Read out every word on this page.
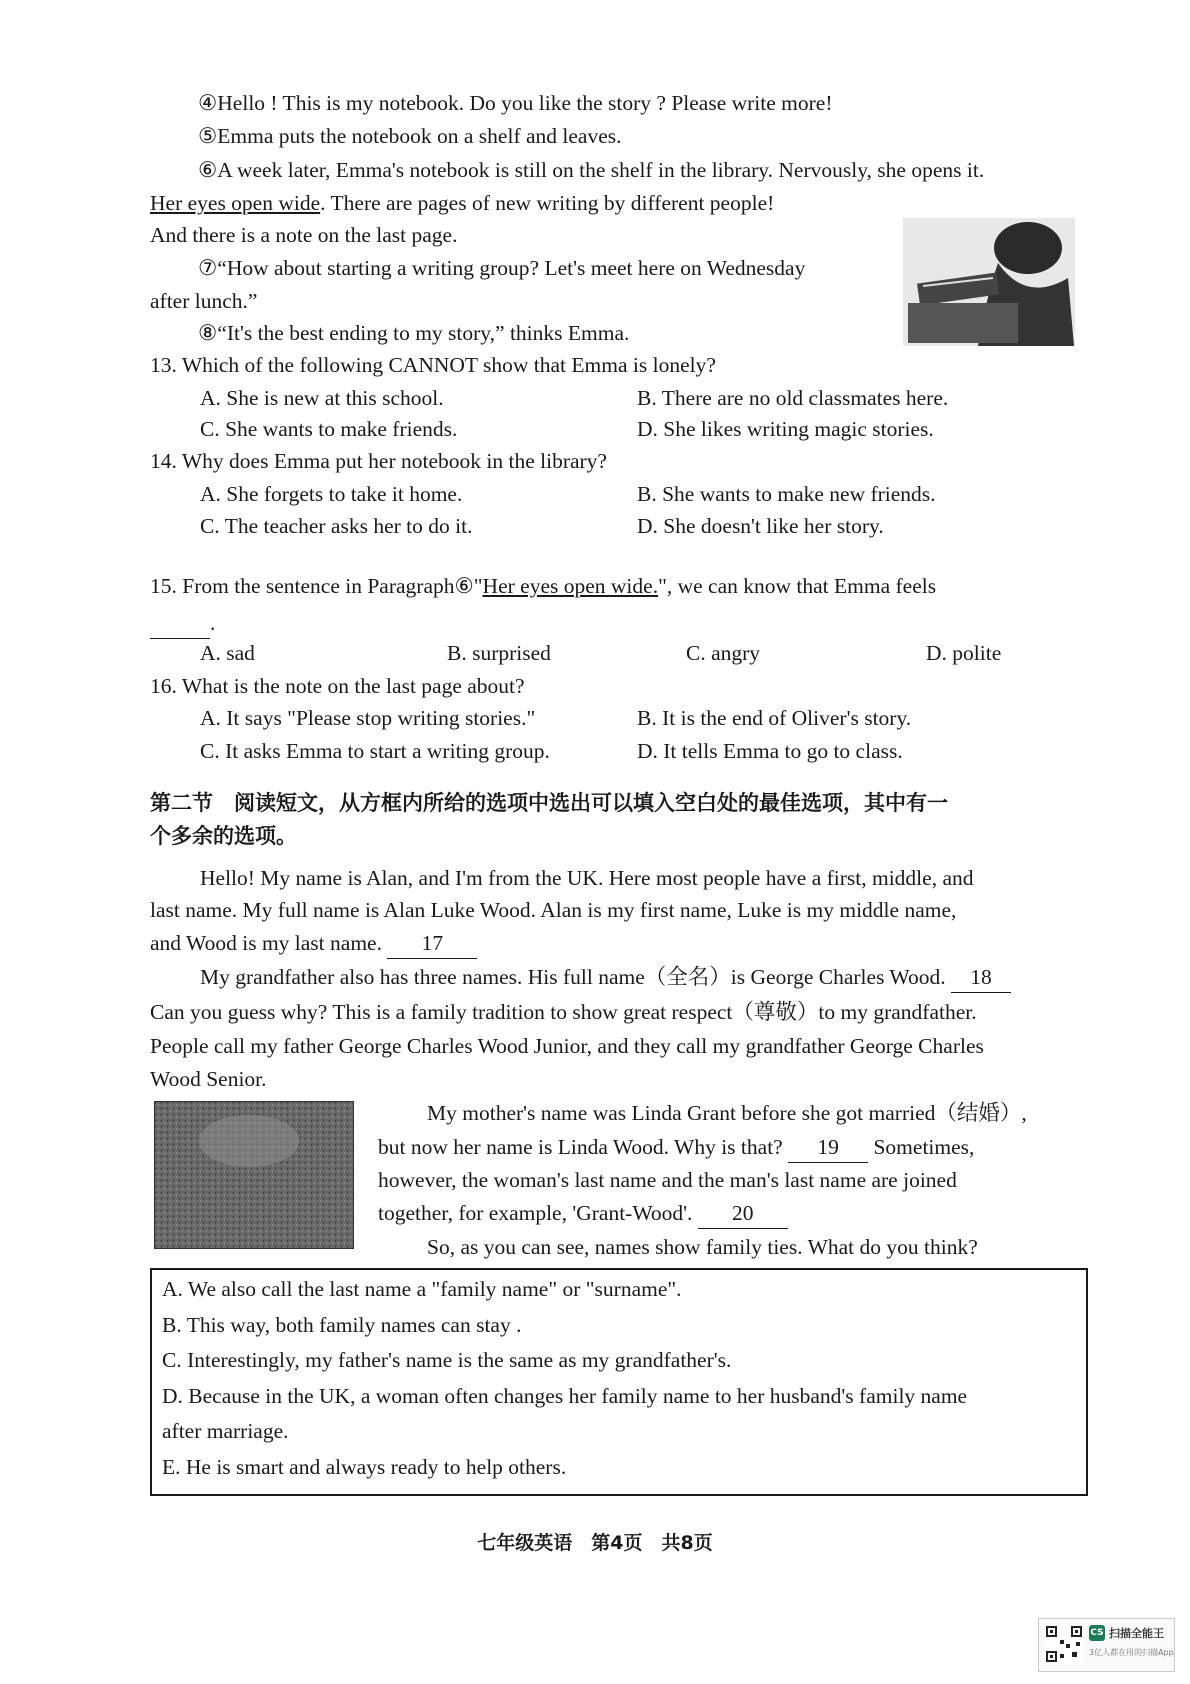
④Hello ! This is my notebook. Do you like the story ? Please write more!
⑤Emma puts the notebook on a shelf and leaves.
⑥A week later, Emma's notebook is still on the shelf in the library. Nervously, she opens it.
Her eyes open wide. There are pages of new writing by different people!
And there is a note on the last page.
⑦“How about starting a writing group? Let's meet here on Wednesday
after lunch.”
⑧“It's the best ending to my story,” thinks Emma.
13. Which of the following CANNOT show that Emma is lonely?
A. She is new at this school.	B. There are no old classmates here.
C. She wants to make friends.	D. She likes writing magic stories.
14. Why does Emma put her notebook in the library?
A. She forgets to take it home.	B. She wants to make new friends.
C. The teacher asks her to do it.	D. She doesn't like her story.
15. From the sentence in Paragraph⑥"Her eyes open wide.", we can know that Emma feels
.
A. sad	B. surprised	C. angry	D. polite
16. What is the note on the last page about?
A. It says "Please stop writing stories."	B. It is the end of Oliver's story.
C. It asks Emma to start a writing group.	D. It tells Emma to go to class.
第二节　阅读短文，从方框内所给的选项中选出可以填入空白处的最佳选项，其中有一
个多余的选项。
Hello! My name is Alan, and I'm from the UK. Here most people have a first, middle, and
last name. My full name is Alan Luke Wood. Alan is my first name, Luke is my middle name,
and Wood is my last name. 17
My grandfather also has three names. His full name（全名）is George Charles Wood. 18
Can you guess why? This is a family tradition to show great respect（尊敬）to my grandfather.
People call my father George Charles Wood Junior, and they call my grandfather George Charles
Wood Senior.
My mother's name was Linda Grant before she got married（结婚）,
but now her name is Linda Wood. Why is that? 19 Sometimes,
however, the woman's last name and the man's last name are joined
together, for example, 'Grant-Wood'. 20
So, as you can see, names show family ties. What do you think?
A. We also call the last name a "family name" or "surname".
B. This way, both family names can stay .
C. Interestingly, my father's name is the same as my grandfather's.
D. Because in the UK, a woman often changes her family name to her husband's family name
after marriage.
E. He is smart and always ready to help others.
七年级英语　第4页　共8页
CS 扫描全能王
3亿人都在用的扫描App
